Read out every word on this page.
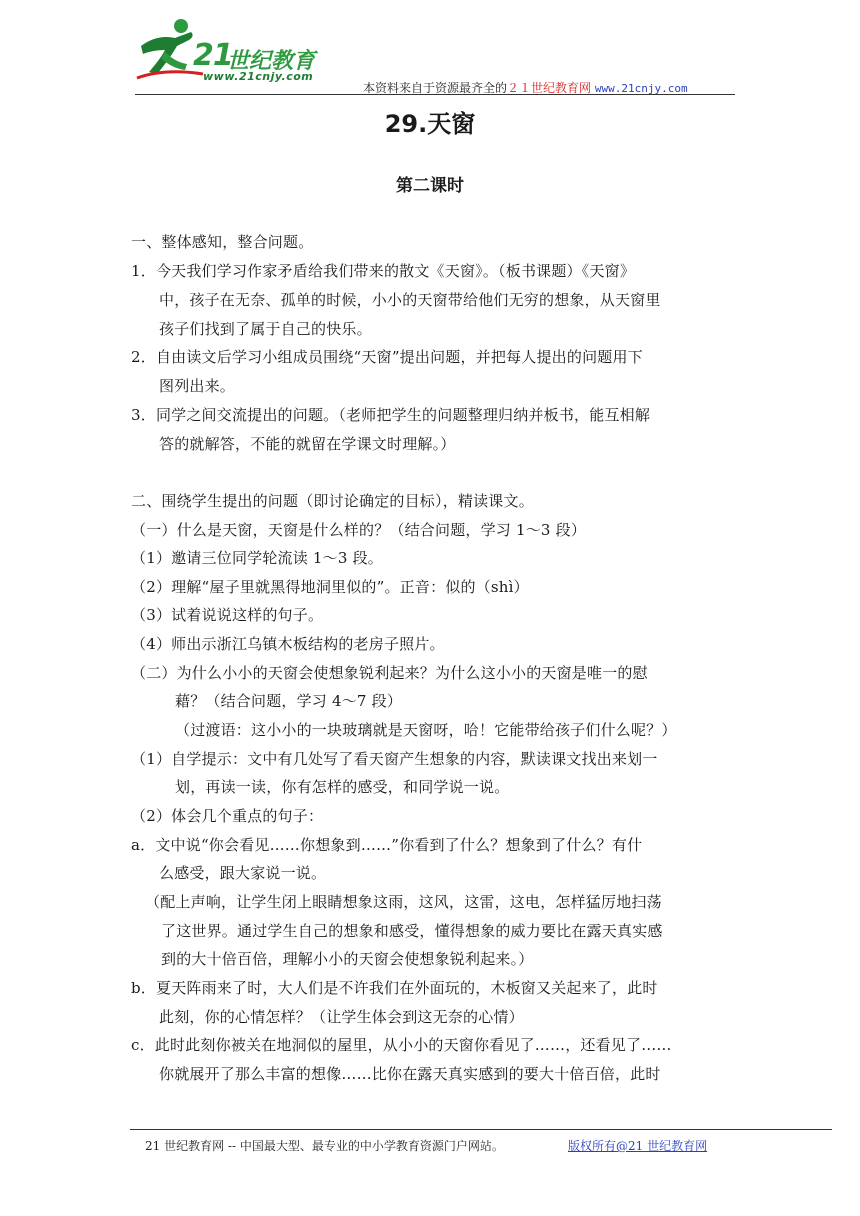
21
世纪教育
www.21cnjy.com
本资料来自于资源最齐全的２１世纪教育网 www.21cnjy.com
29.天窗
第二课时
一、整体感知，整合问题。
1．今天我们学习作家矛盾给我们带来的散文《天窗》。（板书课题）《天窗》
中，孩子在无奈、孤单的时候，小小的天窗带给他们无穷的想象，从天窗里
孩子们找到了属于自己的快乐。
2．自由读文后学习小组成员围绕“天窗”提出问题，并把每人提出的问题用下
图列出来。
3．同学之间交流提出的问题。（老师把学生的问题整理归纳并板书，能互相解
答的就解答，不能的就留在学课文时理解。）
二、围绕学生提出的问题（即讨论确定的目标），精读课文。
（一）什么是天窗，天窗是什么样的？（结合问题，学习 1～3 段）
（1）邀请三位同学轮流读 1～3 段。
（2）理解“屋子里就黑得地洞里似的”。正音：似的（shì）
（3）试着说说这样的句子。
（4）师出示浙江乌镇木板结构的老房子照片。
（二）为什么小小的天窗会使想象锐利起来？为什么这小小的天窗是唯一的慰
藉？（结合问题，学习 4～7 段）
（过渡语：这小小的一块玻璃就是天窗呀，哈！它能带给孩子们什么呢？）
（1）自学提示：文中有几处写了看天窗产生想象的内容，默读课文找出来划一
划，再读一读，你有怎样的感受，和同学说一说。
（2）体会几个重点的句子：
a．文中说“你会看见……你想象到……”你看到了什么？想象到了什么？有什
么感受，跟大家说一说。
（配上声响，让学生闭上眼睛想象这雨，这风，这雷，这电，怎样猛厉地扫荡
了这世界。通过学生自己的想象和感受，懂得想象的威力要比在露天真实感
到的大十倍百倍，理解小小的天窗会使想象锐利起来。）
b．夏天阵雨来了时，大人们是不许我们在外面玩的，木板窗又关起来了，此时
此刻，你的心情怎样？（让学生体会到这无奈的心情）
c．此时此刻你被关在地洞似的屋里，从小小的天窗你看见了……，还看见了……
你就展开了那么丰富的想像……比你在露天真实感到的要大十倍百倍，此时
21 世纪教育网 -- 中国最大型、最专业的中小学教育资源门户网站。	版权所有@21 世纪教育网
